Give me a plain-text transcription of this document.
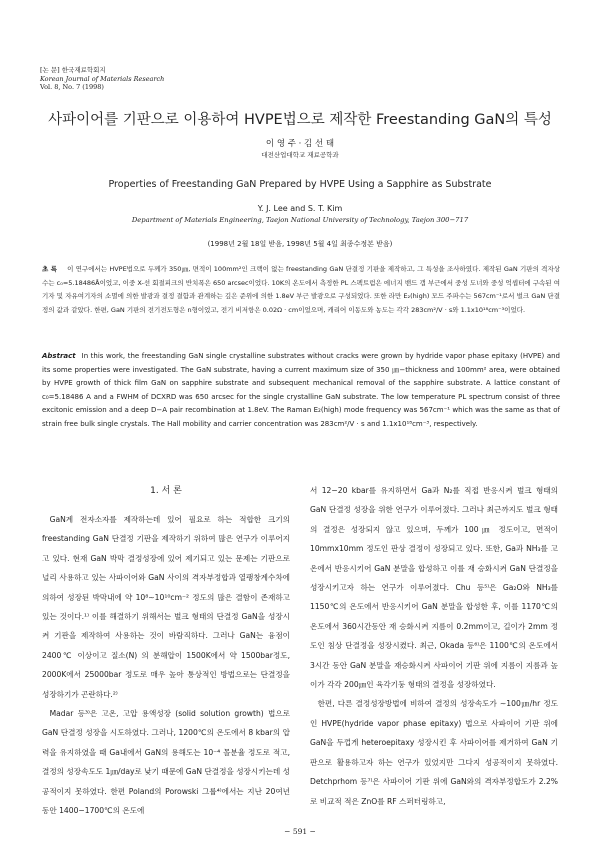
[논 문] 한국재료학회지
Korean Journal of Materials Research
Vol. 8, No. 7 (1998)
사파이어를 기판으로 이용하여 HVPE법으로 제작한 Freestanding GaN의 특성
이 영 주 · 김 선 태
대전산업대학교 재료공학과
Properties of Freestanding GaN Prepared by HVPE Using a Sapphire as Substrate
Y. J. Lee and S. T. Kim
Department of Materials Engineering, Taejon National University of Technology, Taejon 300−717
(1998년 2월 18일 받음, 1998년 5월 4일 최종수정본 받음)
초 록 이 연구에서는 HVPE법으로 두께가 350㎛, 면적이 100mm²인 크랙이 없는 freestanding GaN 단결정 기판을 제작하고, 그 특성을 조사하였다. 제작된 GaN 기판의 격자상수는 c₀=5.18486Å이었고, 이중 X-선 회절피크의 반치폭은 650 arcsec이었다. 10K의 온도에서 측정한 PL 스펙트럼은 에너지 밴드 갭 부근에서 중성 도너와 중성 억셉터에 구속된 여기자 및 자유여기자의 소멸에 의한 발광과 결정 결함과 관계하는 깊은 준위에 의한 1.8eV 부근 발광으로 구성되었다. 또한 라만 E₂(high) 모드 주파수는 567cm⁻¹로서 벌크 GaN 단결정의 값과 같았다. 한편, GaN 기판의 전기전도형은 n형이었고, 전기 비저항은 0.02Ω · cm이었으며, 캐리어 이동도와 농도는 각각 283cm²/V · s와 1.1x10¹⁸cm⁻³이었다.
Abstract In this work, the freestanding GaN single crystalline substrates without cracks were grown by hydride vapor phase epitaxy (HVPE) and its some properties were investigated. The GaN substrate, having a current maximum size of 350 ㎛−thickness and 100mm² area, were obtained by HVPE growth of thick film GaN on sapphire substrate and subsequent mechanical removal of the sapphire substrate. A lattice constant of c₀=5.18486 A and a FWHM of DCXRD was 650 arcsec for the single crystalline GaN substrate. The low temperature PL spectrum consist of three excitonic emission and a deep D−A pair recombination at 1.8eV. The Raman E₂(high) mode frequency was 567cm⁻¹ which was the same as that of strain free bulk single crystals. The Hall mobility and carrier concentration was 283cm²/V · s and 1.1x10¹⁸cm⁻³, respectively.
1. 서 론

GaN계 전자소자를 제작하는데 있어 필요로 하는 적합한 크기의 freestanding GaN 단결정 기판을 제작하기 위하여 많은 연구가 이루어지고 있다. 현재 GaN 박막 결정성장에 있어 제기되고 있는 문제는 기판으로 널리 사용하고 있는 사파이어와 GaN 사이의 격자부정합과 열팽창계수차에 의하여 성장된 박막내에 약 10⁸∼10¹⁰cm⁻² 정도의 많은 결함이 존재하고 있는 것이다.¹⁾ 이를 해결하기 위해서는 벌크 형태의 단결정 GaN을 성장시켜 기판을 제작하여 사용하는 것이 바람직하다. 그러나 GaN는 융점이 2400℃ 이상이고 질소(N) 의 분해압이 1500K에서 약 1500bar정도, 2000K에서 25000bar 정도로 매우 높아 통상적인 방법으로는 단결정을 성장하기가 곤란하다.²⁾

Madar 등³⁾은 고온, 고압 용액성장 (solid solution growth) 법으로 GaN 단결정 성장을 시도하였다. 그러나, 1200℃의 온도에서 8 kbar의 압력을 유지하였을 때 Ga내에서 GaN의 용해도는 10⁻⁴ 몰분율 정도로 적고, 결정의 성장속도도 1㎛/day로 낮기 때문에 GaN 단결정을 성장시키는데 성공적이지 못하였다. 한편 Poland의 Porowski 그룹⁴⁾에서는 지난 20여년 동안 1400−1700℃의 온도에

서 12−20 kbar를 유지하면서 Ga과 N₂를 직접 반응시켜 벌크 형태의 GaN 단결정 성장을 위한 연구가 이루어졌다. 그러나 최근까지도 벌크 형태의 결정은 성장되지 않고 있으며, 두께가 100㎛ 정도이고, 면적이 10mmx10mm 정도인 판상 결정이 성장되고 있다. 또한, Ga과 NH₃를 고온에서 반응시키어 GaN 분말을 합성하고 이를 재 승화시켜 GaN 단결정을 성장시키고자 하는 연구가 이루어졌다. Chu 등⁵⁾은 Ga₂O와 NH₃를 1150℃의 온도에서 반응시키어 GaN 분말을 합성한 후, 이를 1170℃의 온도에서 360시간동안 재 승화시켜 지름이 0.2mm이고, 길이가 2mm 정도인 침상 단결정을 성장시켰다. 최근, Okada 등⁶⁾은 1100℃의 온도에서 3시간 동안 GaN 분말을 재승화시켜 사파이어 기판 위에 지름이 지름과 높이가 각각 200㎛인 육각기둥 형태의 결정을 성장하였다.

한편, 다른 결정성장방법에 비하여 결정의 성장속도가 ∼100㎛/hr 정도인 HVPE(hydride vapor phase epitaxy) 법으로 사파이어 기판 위에 GaN을 두껍게 heteroepitaxy 성장시킨 후 사파이어를 제거하여 GaN 기판으로 활용하고자 하는 연구가 있었지만 그다지 성공적이지 못하였다. Detchprhom 등⁷⁾은 사파이어 기판 위에 GaN와의 격자부정합도가 2.2%로 비교적 적은 ZnO를 RF 스퍼터링하고,

− 591 −
